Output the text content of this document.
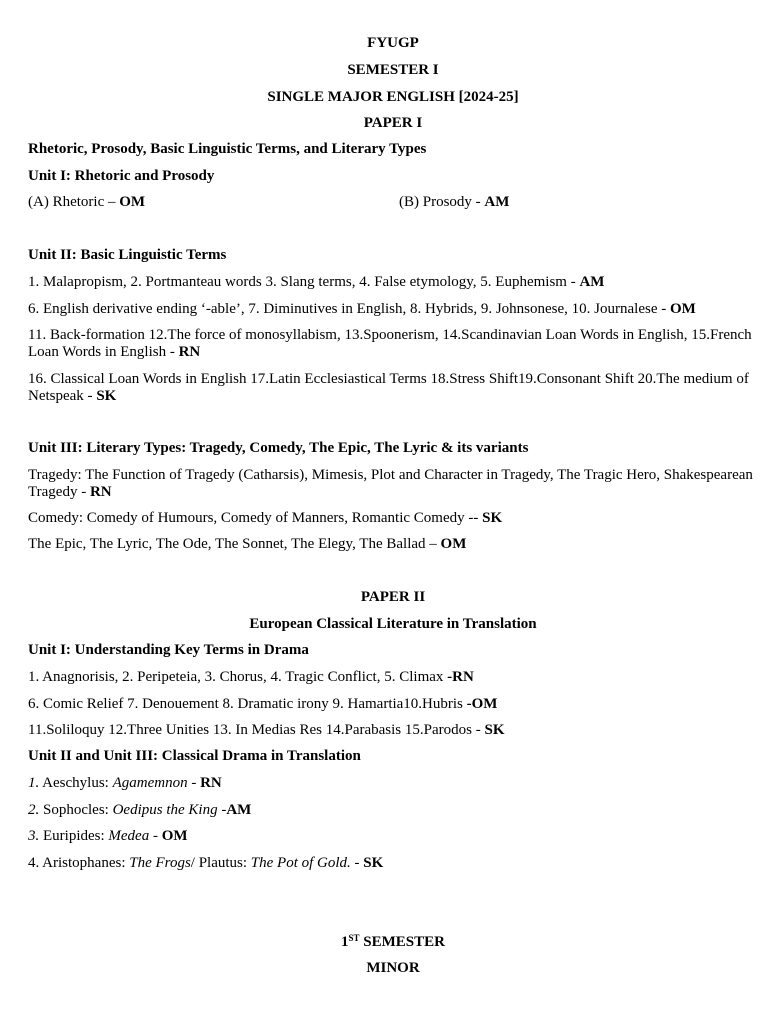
FYUGP
SEMESTER I
SINGLE MAJOR ENGLISH [2024-25]
PAPER I
Rhetoric, Prosody, Basic Linguistic Terms, and Literary Types
Unit I: Rhetoric and Prosody
(A) Rhetoric – OM	(B) Prosody - AM
Unit II: Basic Linguistic Terms
1. Malapropism, 2. Portmanteau words 3. Slang terms, 4. False etymology, 5. Euphemism - AM
6. English derivative ending ‘-able’, 7. Diminutives in English, 8. Hybrids, 9. Johnsonese, 10. Journalese - OM
11. Back-formation 12.The force of monosyllabism, 13.Spoonerism, 14.Scandinavian Loan Words in English, 15.French Loan Words in English - RN
16. Classical Loan Words in English 17.Latin Ecclesiastical Terms 18.Stress Shift19.Consonant Shift 20.The medium of Netspeak - SK
Unit III: Literary Types: Tragedy, Comedy, The Epic, The Lyric & its variants
Tragedy: The Function of Tragedy (Catharsis), Mimesis, Plot and Character in Tragedy, The Tragic Hero, Shakespearean Tragedy - RN
Comedy: Comedy of Humours, Comedy of Manners, Romantic Comedy -- SK
The Epic, The Lyric, The Ode, The Sonnet, The Elegy, The Ballad – OM
PAPER II
European Classical Literature in Translation
Unit I: Understanding Key Terms in Drama
1. Anagnorisis, 2. Peripeteia, 3. Chorus, 4. Tragic Conflict, 5. Climax -RN
6. Comic Relief 7. Denouement 8. Dramatic irony 9. Hamartia10.Hubris -OM
11.Soliloquy 12.Three Unities 13. In Medias Res 14.Parabasis 15.Parodos - SK
Unit II and Unit III: Classical Drama in Translation
1. Aeschylus: Agamemnon - RN
2. Sophocles: Oedipus the King -AM
3. Euripides: Medea - OM
4. Aristophanes: The Frogs/ Plautus: The Pot of Gold. - SK
1ST SEMESTER
MINOR
